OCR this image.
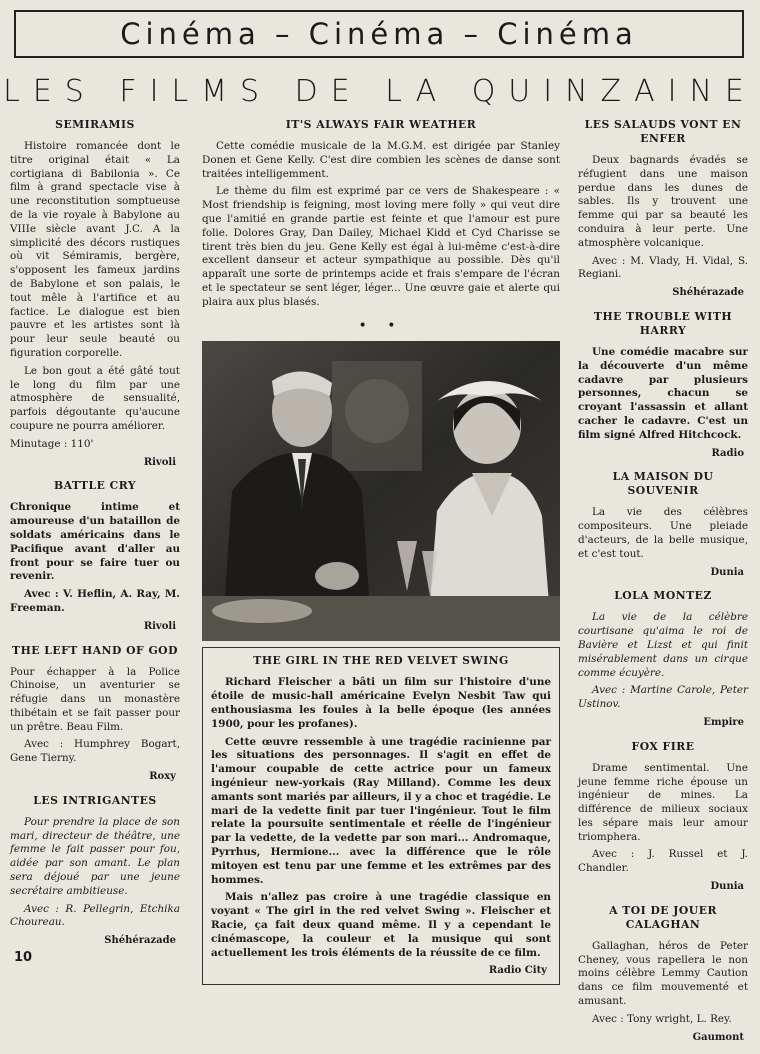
Cinéma – Cinéma – Cinéma
LES FILMS DE LA QUINZAINE
SEMIRAMIS

Histoire romancée dont le titre original était « La cortigiana di Babilonia ». Ce film à grand spectacle vise à une reconstitution somptueuse de la vie royale à Babylone au VIIIe siècle avant J.C. A la simplicité des décors rustiques où vit Sémiramis, bergère, s'opposent les fameux jardins de Babylone et son palais, le tout mêle à l'artifice et au factice. Le dialogue est bien pauvre et les artistes sont là pour leur seule beauté ou figuration corporelle.

Le bon gout a été gâté tout le long du film par une atmosphère de sensualité, parfois dégoutante qu'aucune coupure ne pourra améliorer.

Minutage : 110'

Rivoli
BATTLE CRY

Chronique intime et amoureuse d'un bataillon de soldats américains dans le Pacifique avant d'aller au front pour se faire tuer ou revenir.

Avec : V. Heflin, A. Ray, M. Freeman.

Rivoli
THE LEFT HAND OF GOD

Pour échapper à la Police Chinoise, un aventurier se réfugie dans un monastère thibétain et se fait passer pour un prêtre. Beau Film.

Avec : Humphrey Bogart, Gene Tierny.

Roxy
LES INTRIGANTES

Pour prendre la place de son mari, directeur de théâtre, une femme le fait passer pour fou, aidée par son amant. Le plan sera déjoué par une jeune secrétaire ambitieuse.

Avec : R. Pellegrin, Etchika Choureau.

Shéhérazade
IT'S ALWAYS FAIR WEATHER

Cette comédie musicale de la M.G.M. est dirigée par Stanley Donen et Gene Kelly. C'est dire combien les scènes de danse sont traitées intelligemment.

Le thème du film est exprimé par ce vers de Shakespeare : « Most friendship is feigning, most loving mere folly » qui veut dire que l'amitié en grande partie est feinte et que l'amour est pure folie. Dolores Gray, Dan Dailey, Michael Kidd et Cyd Charisse se tirent très bien du jeu. Gene Kelly est égal à lui-même c'est-à-dire excellent danseur et acteur sympathique au possible. Dès qu'il apparaît une sorte de printemps acide et frais s'empare de l'écran et le spectateur se sent léger, léger... Une œuvre gaie et alerte qui plaira aux plus blasés.

• •
THE GIRL IN THE RED VELVET SWING

Richard Fleischer a bâti un film sur l'histoire d'une étoile de music-hall américaine Evelyn Nesbit Taw qui enthousiasma les foules à la belle époque (les années 1900, pour les profanes).

Cette œuvre ressemble à une tragédie racinienne par les situations des personnages. Il s'agit en effet de l'amour coupable de cette actrice pour un fameux ingénieur new-yorkais (Ray Milland). Comme les deux amants sont mariés par ailleurs, il y a choc et tragédie. Le mari de la vedette finit par tuer l'ingénieur. Tout le film relate la poursuite sentimentale et réelle de l'ingénieur par la vedette, de la vedette par son mari... Andromaque, Pyrrhus, Hermione... avec la différence que le rôle mitoyen est tenu par une femme et les extrêmes par des hommes.

Mais n'allez pas croire à une tragédie classique en voyant « The girl in the red velvet Swing ». Fleischer et Racie, ça fait deux quand même. Il y a cependant le cinémascope, la couleur et la musique qui sont actuellement les trois éléments de la réussite de ce film.

Radio City
LES SALAUDS VONT EN ENFER

Deux bagnards évadés se réfugient dans une maison perdue dans les dunes de sables. Ils y trouvent une femme qui par sa beauté les conduira à leur perte. Une atmosphère volcanique.

Avec : M. Vlady, H. Vidal, S. Regiani.

Shéhérazade
THE TROUBLE WITH HARRY

Une comédie macabre sur la découverte d'un même cadavre par plusieurs personnes, chacun se croyant l'assassin et allant cacher le cadavre. C'est un film signé Alfred Hitchcock.

Radio
LA MAISON DU SOUVENIR

La vie des célèbres compositeurs. Une pleiade d'acteurs, de la belle musique, et c'est tout.

Dunia
LOLA MONTEZ

La vie de la célèbre courtisane qu'aima le roi de Bavière et Lizst et qui finit misérablement dans un cirque comme écuyère.

Avec : Martine Carole, Peter Ustinov.

Empire
FOX FIRE

Drame sentimental. Une jeune femme riche épouse un ingénieur de mines. La différence de milieux sociaux les sépare mais leur amour triomphera.

Avec : J. Russel et J. Chandler.

Dunia
A TOI DE JOUER CALAGHAN

Gallaghan, héros de Peter Cheney, vous rapellera le non moins célèbre Lemmy Caution dans ce film mouvementé et amusant.

Avec : Tony wright, L. Rey.

Gaumont
10
